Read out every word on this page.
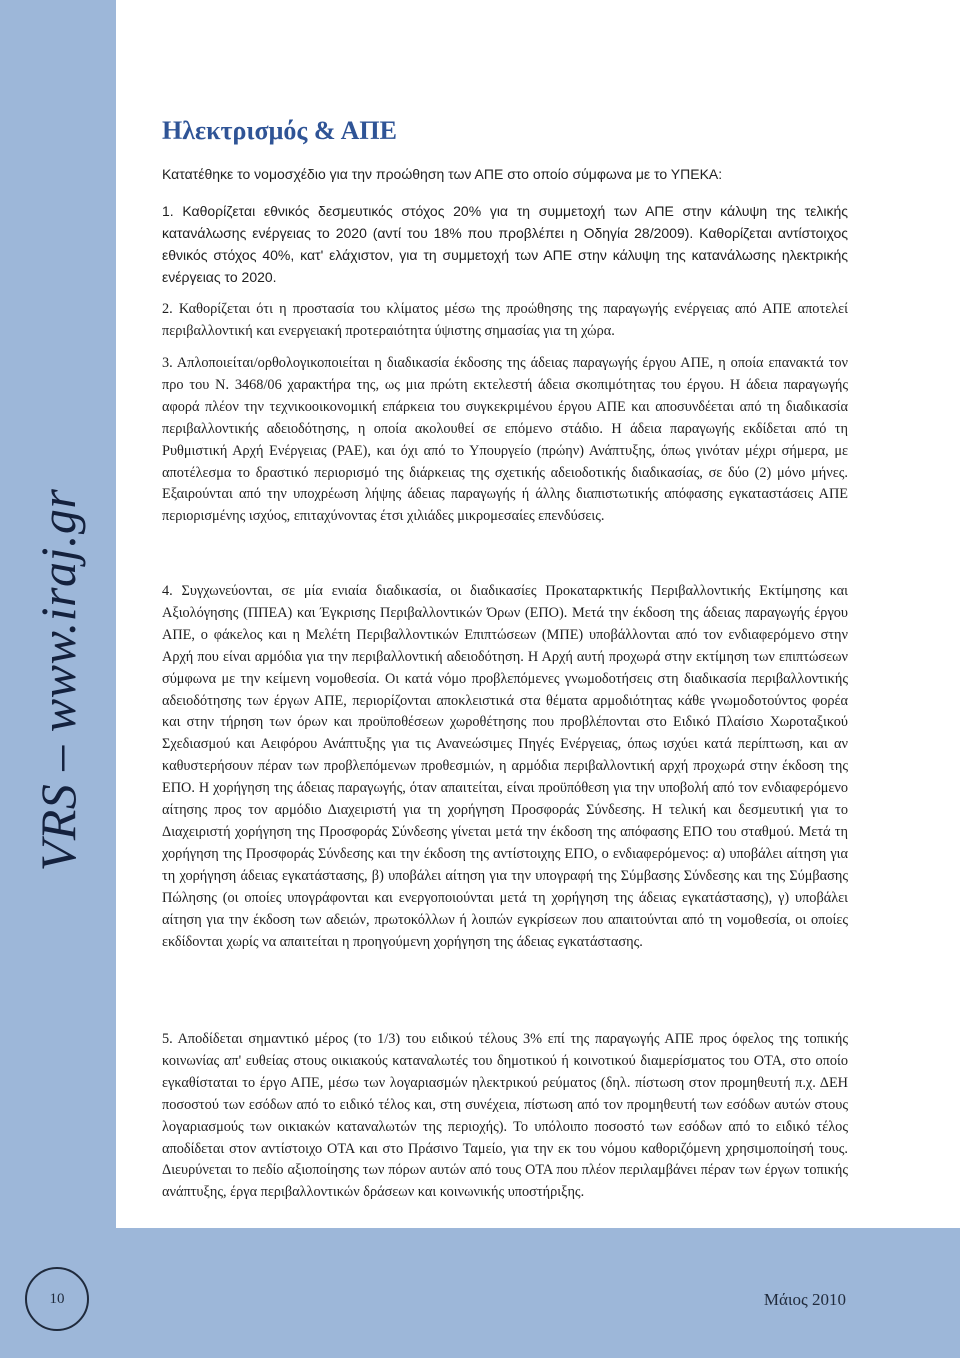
VRS – www.iraj.gr
10	Μάιος 2010
Ηλεκτρισμός & ΑΠΕ

Κατατέθηκε το νομοσχέδιο για την προώθηση των ΑΠΕ στο οποίο σύμφωνα με το ΥΠΕΚΑ:

1. Καθορίζεται εθνικός δεσμευτικός στόχος 20% για τη συμμετοχή των ΑΠΕ στην κάλυψη της τελικής κατανάλωσης ενέργειας το 2020 (αντί του 18% που προβλέπει η Οδηγία 28/2009). Καθορίζεται αντίστοιχος εθνικός στόχος 40%, κατ' ελάχιστον, για τη συμμετοχή των ΑΠΕ στην κάλυψη της κατανάλωσης ηλεκτρικής ενέργειας το 2020.

2. Καθορίζεται ότι η προστασία του κλίματος μέσω της προώθησης της παραγωγής ενέργειας από ΑΠΕ αποτελεί περιβαλλοντική και ενεργειακή προτεραιότητα ύψιστης σημασίας για τη χώρα.

3. Απλοποιείται/ορθολογικοποιείται η διαδικασία έκδοσης της άδειας παραγωγής έργου ΑΠΕ, η οποία επανακτά τον προ του Ν. 3468/06 χαρακτήρα της, ως μια πρώτη εκτελεστή άδεια σκοπιμότητας του έργου. Η άδεια παραγωγής αφορά πλέον την τεχνικοοικονομική επάρκεια του συγκεκριμένου έργου ΑΠΕ και αποσυνδέεται από τη διαδικασία περιβαλλοντικής αδειοδότησης, η οποία ακολουθεί σε επόμενο στάδιο. Η άδεια παραγωγής εκδίδεται από τη Ρυθμιστική Αρχή Ενέργειας (ΡΑΕ), και όχι από το Υπουργείο (πρώην) Ανάπτυξης, όπως γινόταν μέχρι σήμερα, με αποτέλεσμα το δραστικό περιορισμό της διάρκειας της σχετικής αδειοδοτικής διαδικασίας, σε δύο (2) μόνο μήνες. Εξαιρούνται από την υποχρέωση λήψης άδειας παραγωγής ή άλλης διαπιστωτικής απόφασης εγκαταστάσεις ΑΠΕ περιορισμένης ισχύος, επιταχύνοντας έτσι χιλιάδες μικρομεσαίες επενδύσεις.

4. Συγχωνεύονται, σε μία ενιαία διαδικασία, οι διαδικασίες Προκαταρκτικής Περιβαλλοντικής Εκτίμησης και Αξιολόγησης (ΠΠΕΑ) και Έγκρισης Περιβαλλοντικών Όρων (ΕΠΟ). Μετά την έκδοση της άδειας παραγωγής έργου ΑΠΕ, ο φάκελος και η Μελέτη Περιβαλλοντικών Επιπτώσεων (ΜΠΕ) υποβάλλονται από τον ενδιαφερόμενο στην Αρχή που είναι αρμόδια για την περιβαλλοντική αδειοδότηση. Η Αρχή αυτή προχωρά στην εκτίμηση των επιπτώσεων σύμφωνα με την κείμενη νομοθεσία. Οι κατά νόμο προβλεπόμενες γνωμοδοτήσεις στη διαδικασία περιβαλλοντικής αδειοδότησης των έργων ΑΠΕ, περιορίζονται αποκλειστικά στα θέματα αρμοδιότητας κάθε γνωμοδοτούντος φορέα και στην τήρηση των όρων και προϋποθέσεων χωροθέτησης που προβλέπονται στο Ειδικό Πλαίσιο Χωροταξικού Σχεδιασμού και Αειφόρου Ανάπτυξης για τις Ανανεώσιμες Πηγές Ενέργειας, όπως ισχύει κατά περίπτωση, και αν καθυστερήσουν πέραν των προβλεπόμενων προθεσμιών, η αρμόδια περιβαλλοντική αρχή προχωρά στην έκδοση της ΕΠΟ. Η χορήγηση της άδειας παραγωγής, όταν απαιτείται, είναι προϋπόθεση για την υποβολή από τον ενδιαφερόμενο αίτησης προς τον αρμόδιο Διαχειριστή για τη χορήγηση Προσφοράς Σύνδεσης. Η τελική και δεσμευτική για το Διαχειριστή χορήγηση της Προσφοράς Σύνδεσης γίνεται μετά την έκδοση της απόφασης ΕΠΟ του σταθμού. Μετά τη χορήγηση της Προσφοράς Σύνδεσης και την έκδοση της αντίστοιχης ΕΠΟ, ο ενδιαφερόμενος: α) υποβάλει αίτηση για τη χορήγηση άδειας εγκατάστασης, β) υποβάλει αίτηση για την υπογραφή της Σύμβασης Σύνδεσης και της Σύμβασης Πώλησης (οι οποίες υπογράφονται και ενεργοποιούνται μετά τη χορήγηση της άδειας εγκατάστασης), γ) υποβάλει αίτηση για την έκδοση των αδειών, πρωτοκόλλων ή λοιπών εγκρίσεων που απαιτούνται από τη νομοθεσία, οι οποίες εκδίδονται χωρίς να απαιτείται η προηγούμενη χορήγηση της άδειας εγκατάστασης.

5. Αποδίδεται σημαντικό μέρος (το 1/3) του ειδικού τέλους 3% επί της παραγωγής ΑΠΕ προς όφελος της τοπικής κοινωνίας απ' ευθείας στους οικιακούς καταναλωτές του δημοτικού ή κοινοτικού διαμερίσματος του ΟΤΑ, στο οποίο εγκαθίσταται το έργο ΑΠΕ, μέσω των λογαριασμών ηλεκτρικού ρεύματος (δηλ. πίστωση στον προμηθευτή π.χ. ΔΕΗ ποσοστού των εσόδων από το ειδικό τέλος και, στη συνέχεια, πίστωση από τον προμηθευτή των εσόδων αυτών στους λογαριασμούς των οικιακών καταναλωτών της περιοχής). Το υπόλοιπο ποσοστό των εσόδων από το ειδικό τέλος αποδίδεται στον αντίστοιχο ΟΤΑ και στο Πράσινο Ταμείο, για την εκ του νόμου καθοριζόμενη χρησιμοποίησή τους. Διευρύνεται το πεδίο αξιοποίησης των πόρων αυτών από τους ΟΤΑ που πλέον περιλαμβάνει πέραν των έργων τοπικής ανάπτυξης, έργα περιβαλλοντικών δράσεων και κοινωνικής υποστήριξης.
